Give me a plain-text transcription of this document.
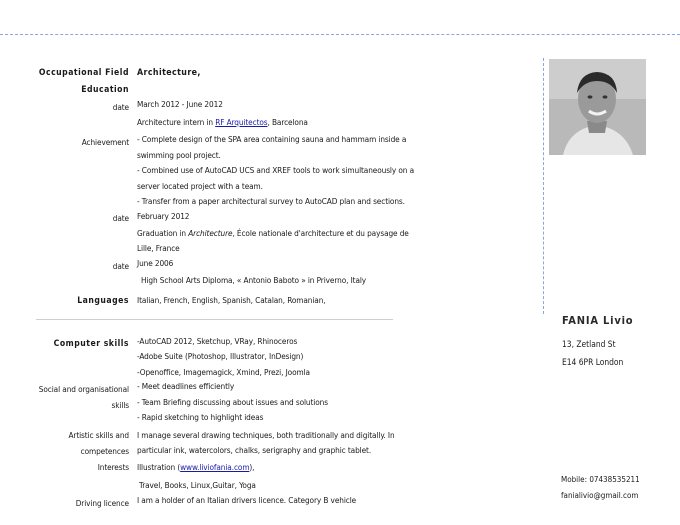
Occupational Field Architecture,
Education
date March 2012 - June 2012
Architecture intern in RF Arquitectos, Barcelona
Achievement - Complete design of the SPA area containing sauna and hammam inside a
swimming pool project.
- Combined use of AutoCAD UCS and XREF tools to work simultaneously on a
server located project with a team.
- Transfer from a paper architectural survey to AutoCAD plan and sections.
date February 2012
Graduation in Architecture, École nationale d'architecture et du paysage de
Lille, France
date June 2006
High School Arts Diploma, « Antonio Baboto » in Priverno, Italy
Languages Italian, French, English, Spanish, Catalan, Romanian,
Computer skills -AutoCAD 2012, Sketchup, VRay, Rhinoceros
-Adobe Suite (Photoshop, Illustrator, InDesign)
-Openoffice, Imagemagick, Xmind, Prezi, Joomla
Social and organisational
skills
- Meet deadlines efficiently
- Team Briefing discussing about issues and solutions
- Rapid sketching to highlight ideas
Artistic skills and
competences
I manage several drawing techniques, both traditionally and digitally. In
particular ink, watercolors, chalks, serigraphy and graphic tablet.
Interests Illustration (www.liviofania.com),
Travel, Books, Linux,Guitar, Yoga
Driving licence I am a holder of an Italian drivers licence. Category B vehicle
FANIA Livio
13, Zetland St
E14 6PR London
Mobile: 07438535211
fanialivio@gmail.com
